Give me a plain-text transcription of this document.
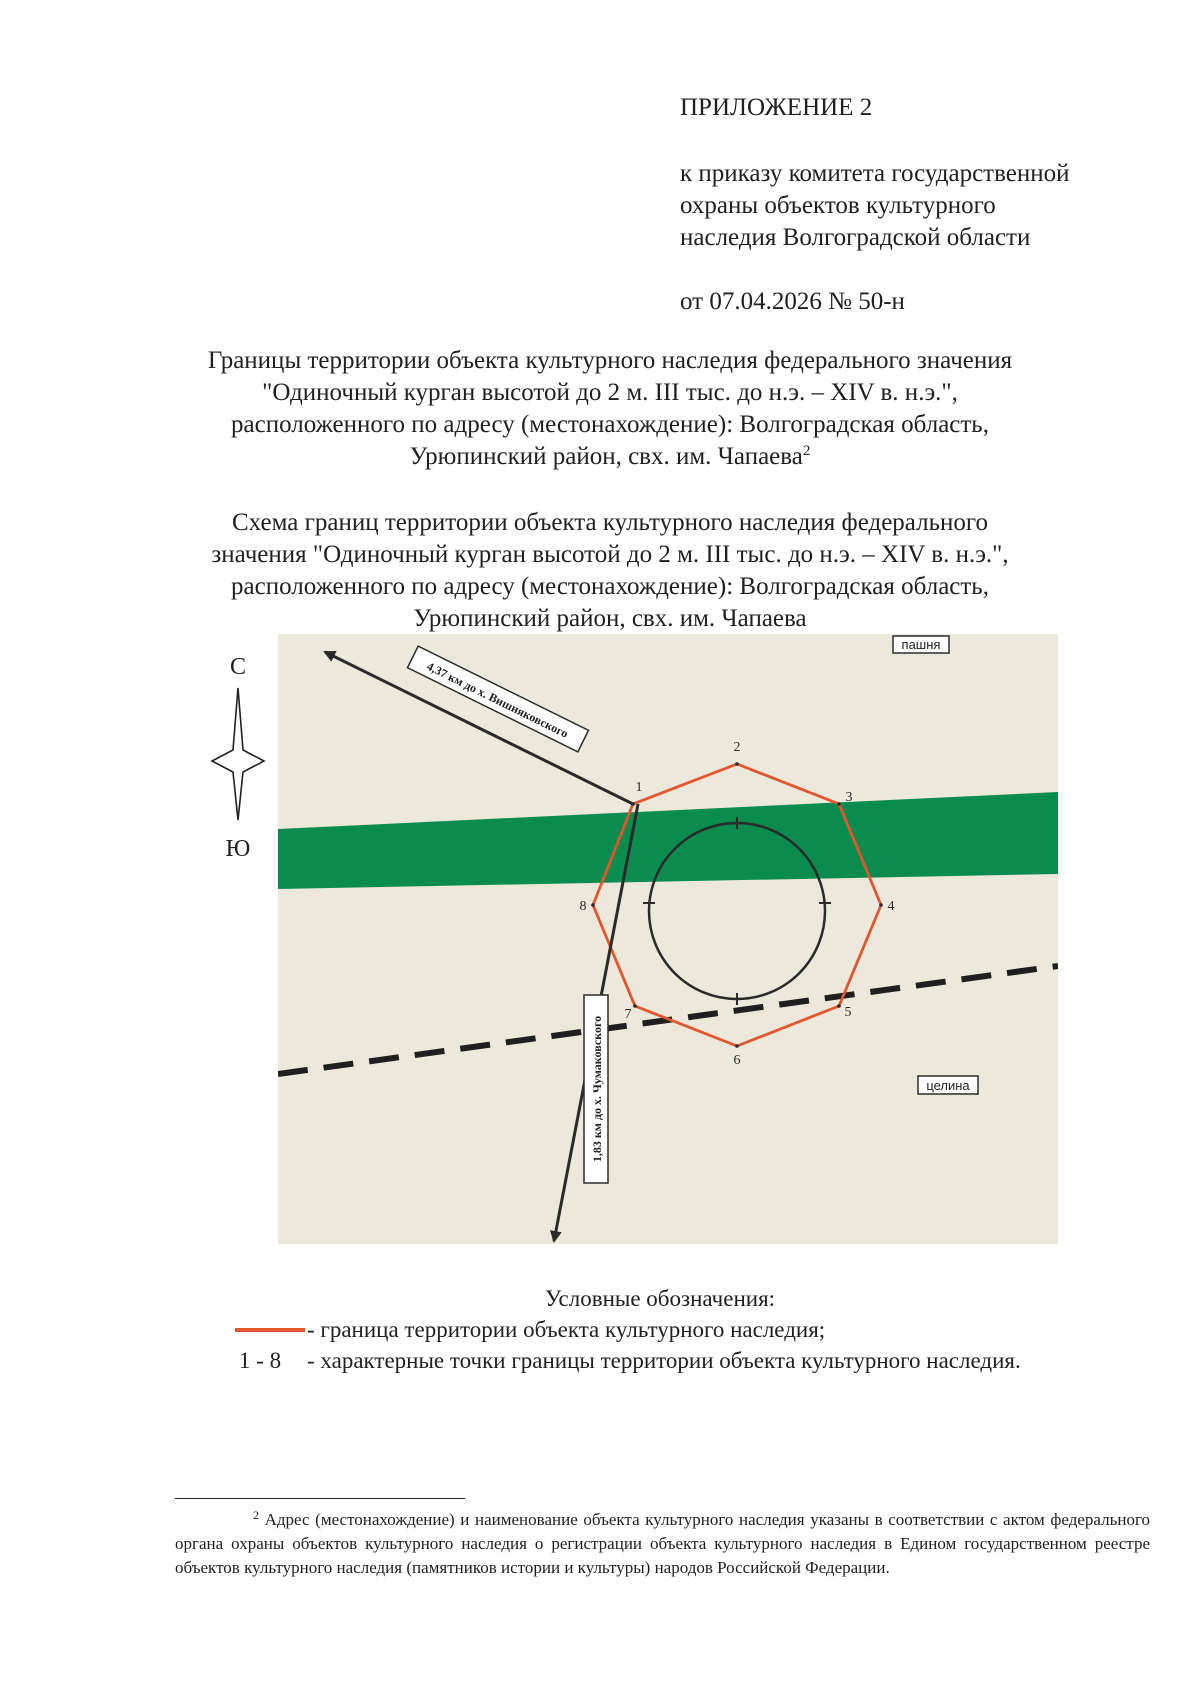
ПРИЛОЖЕНИЕ 2

к приказу комитета государственной

охраны объектов культурного

наследия Волгоградской области

от 07.04.2026 № 50-н

Границы территории объекта культурного наследия федерального значения

"Одиночный курган высотой до 2 м. III тыс. до н.э. – XIV в. н.э.",

расположенного по адресу (местонахождение): Волгоградская область,

Урюпинский район, свх. им. Чапаева$^2$

Схема границ территории объекта культурного наследия федерального

значения "Одиночный курган высотой до 2 м. III тыс. до н.э. – XIV в. н.э.",

расположенного по адресу (местонахождение): Волгоградская область,

Урюпинский район, свх. им. Чапаева

С
Ю
4,37 км до х. Вишняковского
1,83 км до х. Чумаковского
пашня
целина
1
2
3
4
5
6
7
8

Условные обозначения:

- граница территории объекта культурного наследия;
1 - 8	- характерные точки границы территории объекта культурного наследия.

$^2$ Адрес (местонахождение) и наименование объекта культурного наследия указаны в соответствии с актом федерального органа охраны объектов культурного наследия о регистрации объекта культурного наследия в Едином государственном реестре объектов культурного наследия (памятников истории и культуры) народов Российской Федерации.
